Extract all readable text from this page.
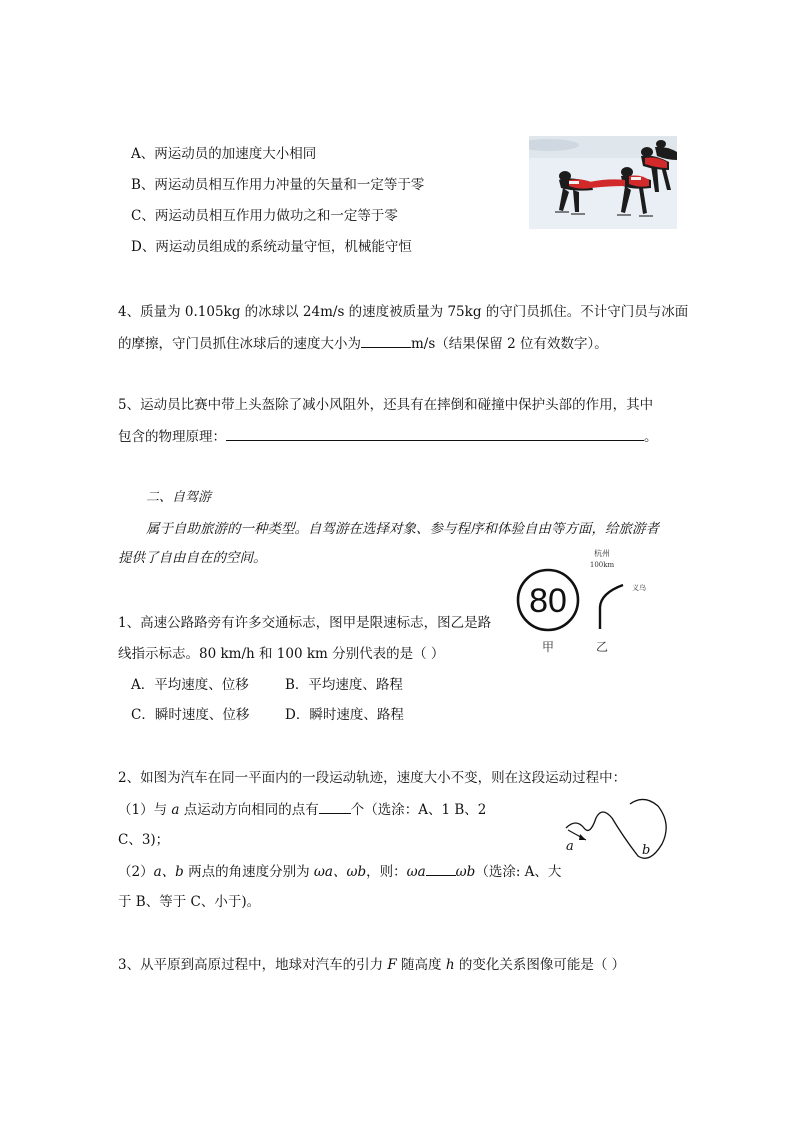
A、两运动员的加速度大小相同
B、两运动员相互作用力冲量的矢量和一定等于零
C、两运动员相互作用力做功之和一定等于零
D、两运动员组成的系统动量守恒，机械能守恒
4、质量为 0.105kg 的冰球以 24m/s 的速度被质量为 75kg 的守门员抓住。不计守门员与冰面
的摩擦，守门员抓住冰球后的速度大小为	m/s（结果保留 2 位有效数字）。
5、运动员比赛中带上头盔除了减小风阻外，还具有在摔倒和碰撞中保护头部的作用，其中
包含的物理原理：	。
二、自驾游
属于自助旅游的一种类型。自驾游在选择对象、参与程序和体验自由等方面，给旅游者
提供了自由自在的空间。
80
甲	乙
杭州
100km
义乌
1、高速公路路旁有许多交通标志，图甲是限速标志，图乙是路
线指示标志。80 km/h 和 100 km 分别代表的是（ ）
A．平均速度、位移	B．平均速度、路程
C．瞬时速度、位移	D．瞬时速度、路程
2、如图为汽车在同一平面内的一段运动轨迹，速度大小不变，则在这段运动过程中：
（1）与 a 点运动方向相同的点有 个（选涂：A、1 B、2
C、3)；
（2）a、b 两点的角速度分别为 ωa、ωb，则：ωa ωb（选涂: A、大
于 B、等于 C、小于)。
a	b
3、从平原到高原过程中，地球对汽车的引力 F 随高度 h 的变化关系图像可能是（ ）
